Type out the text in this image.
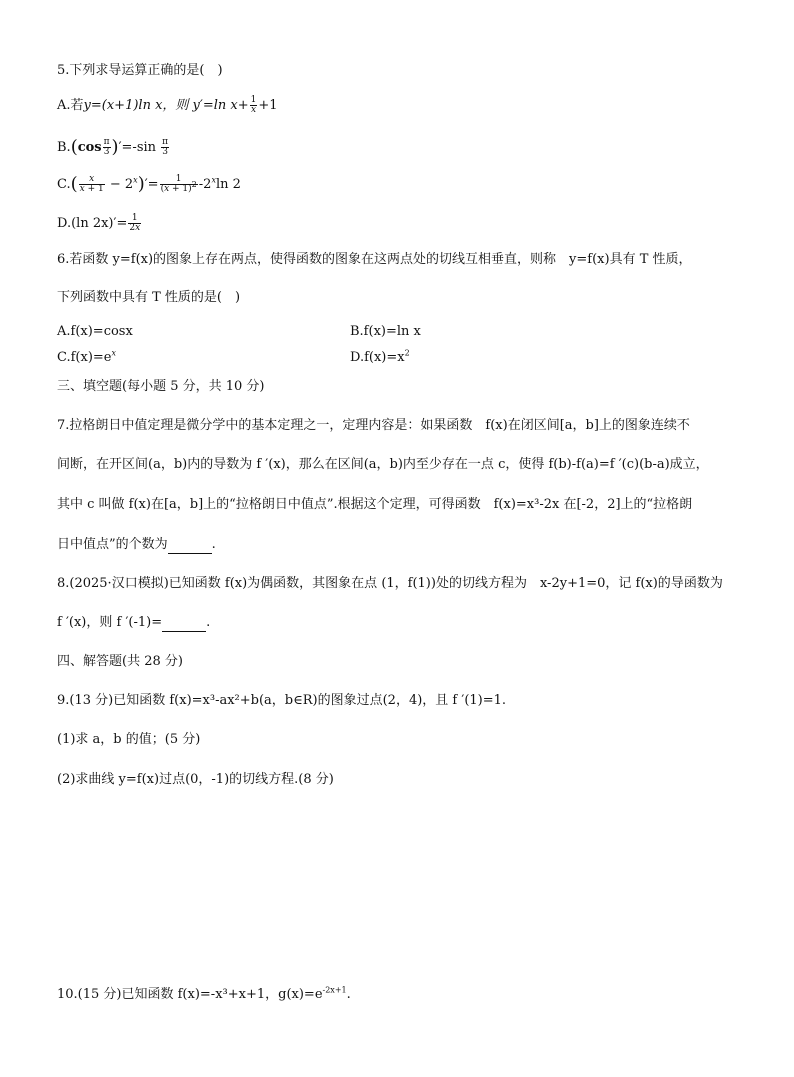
5.下列求导运算正确的是(　)
A.若y=(x+1)ln x，则 y′=ln $x+ \frac{1}{x} +1$
$B.(\cos \frac{\pi}{3} )'=-\sin \frac{\pi}{3}$
$C.( \frac{x}{x + 1} - 2^x)'= \frac{1}{(x + 1)^2} -2^x\ln$ 2
D.(ln $2x)'= \frac{1}{2x}$
6.若函数 y=f(x)的图象上存在两点，使得函数的图象在这两点处的切线互相垂直，则称　y=f(x)具有 T 性质，
下列函数中具有 T 性质的是(　)
A.f(x)=cosx	B.f(x)=ln x
$C.f(x)=e^x$	$D.f(x)=x^2$
三、填空题(每小题 5 分，共 10 分)
7.拉格朗日中值定理是微分学中的基本定理之一，定理内容是：如果函数　f(x)在闭区间[a，b]上的图象连续不
间断，在开区间(a，b)内的导数为 f ′(x)，那么在区间(a，b)内至少存在一点 c，使得 f(b)-f(a)=f ′(c)(b-a)成立，
其中 c 叫做 f(x)在[a，b]上的“拉格朗日中值点”.根据这个定理，可得函数　f(x)=x³-2x 在[-2，2]上的“拉格朗
日中值点”的个数为	.
8.(2025·汉口模拟)已知函数 f(x)为偶函数，其图象在点 (1，f(1))处的切线方程为　x-2y+1=0，记 f(x)的导函数为
f ′(x)，则 f ′(-1)=	.
四、解答题(共 28 分)
9.(13 分)已知函数 f(x)=x³-ax²+b(a，b∈R)的图象过点(2，4)，且 f ′(1)=1.
(1)求 a，b 的值；(5 分)
(2)求曲线 y=f(x)过点(0，-1)的切线方程.(8 分)
10.(15 分)已知函数 f(x)=-x³+x+1，$g(x)=e^{-2x+1}$.
